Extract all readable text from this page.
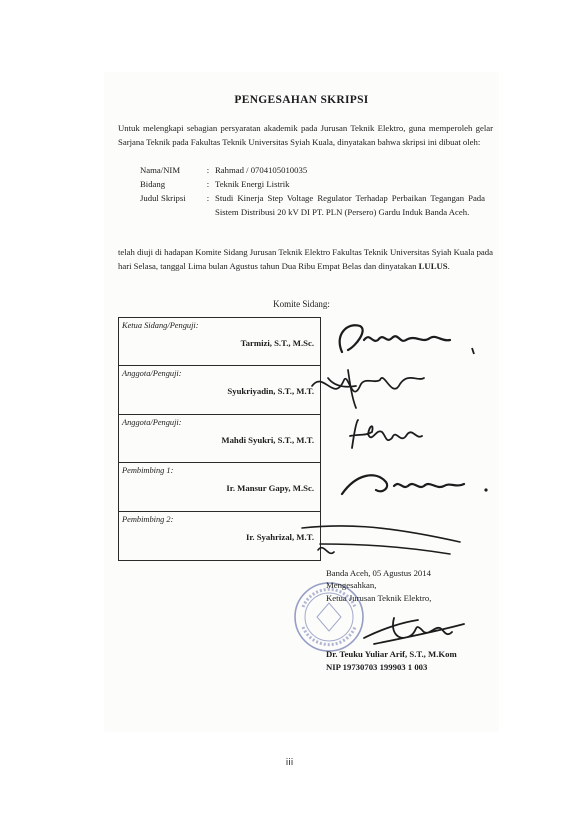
PENGESAHAN SKRIPSI
Untuk melengkapi sebagian persyaratan akademik pada Jurusan Teknik Elektro, guna memperoleh gelar Sarjana Teknik pada Fakultas Teknik Universitas Syiah Kuala, dinyatakan bahwa skripsi ini dibuat oleh:
Nama/NIM	: Rahmad / 0704105010035
Bidang	: Teknik Energi Listrik
Judul Skripsi	: Studi Kinerja Step Voltage Regulator Terhadap Perbaikan Tegangan Pada Sistem Distribusi 20 kV DI PT. PLN (Persero) Gardu Induk Banda Aceh.
telah diuji di hadapan Komite Sidang Jurusan Teknik Elektro Fakultas Teknik Universitas Syiah Kuala pada hari Selasa, tanggal Lima bulan Agustus tahun Dua Ribu Empat Belas dan dinyatakan LULUS.
Komite Sidang:
Ketua Sidang/Penguji:
Tarmizi, S.T., M.Sc.
Anggota/Penguji:
Syukriyadin, S.T., M.T.
Anggota/Penguji:
Mahdi Syukri, S.T., M.T.
Pembimbing 1:
Ir. Mansur Gapy, M.Sc.
Pembimbing 2:
Ir. Syahrizal, M.T.
Banda Aceh, 05 Agustus 2014
Mengesahkan,
Ketua Jurusan Teknik Elektro,
Dr. Teuku Yuliar Arif, S.T., M.Kom
NIP 19730703 199903 1 003
iii
